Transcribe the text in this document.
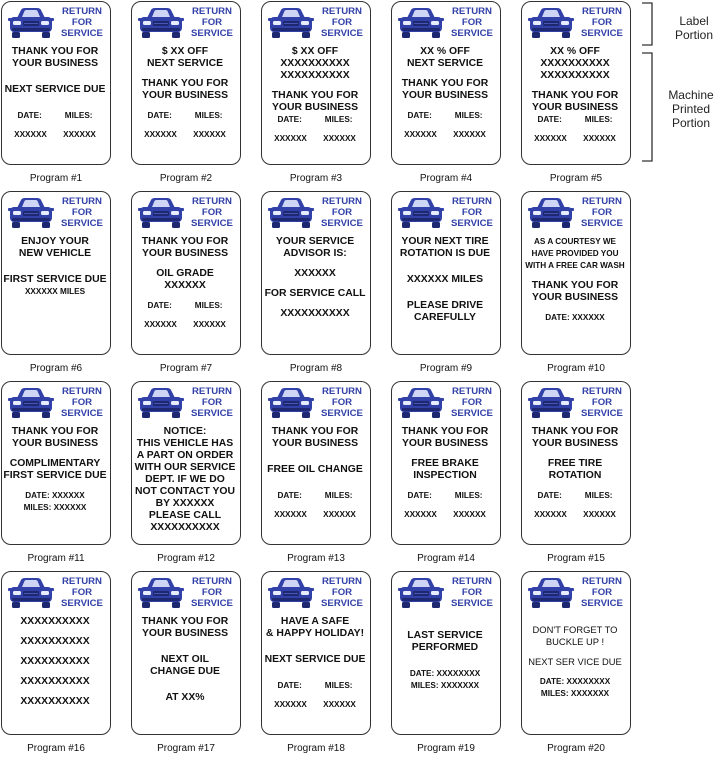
RETURN
FOR
SERVICE
THANK YOU FOR
YOUR BUSINESS
NEXT SERVICE DUE
DATE:	MILES:
XXXXXX XXXXXX
Program #1
RETURN
FOR
SERVICE
$ XX OFF
NEXT SERVICE
THANK YOU FOR
YOUR BUSINESS
DATE:	MILES:
XXXXXX XXXXXX
Program #2
RETURN
FOR
SERVICE
$ XX OFF
XXXXXXXXXX
XXXXXXXXXX
THANK YOU FOR
YOUR BUSINESS
DATE:	MILES:
XXXXXX XXXXXX
Program #3
RETURN
FOR
SERVICE
XX % OFF
NEXT SERVICE
THANK YOU FOR
YOUR BUSINESS
DATE:	MILES:
XXXXXX XXXXXX
Program #4
RETURN
FOR
SERVICE
XX % OFF
XXXXXXXXXX
XXXXXXXXXX
THANK YOU FOR
YOUR BUSINESS
DATE:	MILES:
XXXXXX XXXXXX
Program #5
RETURN
FOR
SERVICE
ENJOY YOUR
NEW VEHICLE
FIRST SERVICE DUE
XXXXXX MILES
Program #6
RETURN
FOR
SERVICE
THANK YOU FOR
YOUR BUSINESS
OIL GRADE
XXXXXX
DATE:	MILES:
XXXXXX XXXXXX
Program #7
RETURN
FOR
SERVICE
YOUR SERVICE
ADVISOR IS:
XXXXXX
FOR SERVICE CALL
XXXXXXXXXX
Program #8
RETURN
FOR
SERVICE
YOUR NEXT TIRE
ROTATION IS DUE
XXXXXX MILES
PLEASE DRIVE
CAREFULLY
Program #9
RETURN
FOR
SERVICE
AS A COURTESY WE
HAVE PROVIDED YOU
WITH A FREE CAR WASH
THANK YOU FOR
YOUR BUSINESS
DATE: XXXXXX
Program #10
RETURN
FOR
SERVICE
THANK YOU FOR
YOUR BUSINESS
COMPLIMENTARY
FIRST SERVICE DUE
DATE: XXXXXX
MILES: XXXXXX
Program #11
RETURN
FOR
SERVICE
NOTICE:
THIS VEHICLE HAS
A PART ON ORDER
WITH OUR SERVICE
DEPT. IF WE DO
NOT CONTACT YOU
BY XXXXXX
PLEASE CALL
XXXXXXXXXX
Program #12
RETURN
FOR
SERVICE
THANK YOU FOR
YOUR BUSINESS
FREE OIL CHANGE
DATE:	MILES:
XXXXXX XXXXXX
Program #13
RETURN
FOR
SERVICE
THANK YOU FOR
YOUR BUSINESS
FREE BRAKE
INSPECTION
DATE:	MILES:
XXXXXX XXXXXX
Program #14
RETURN
FOR
SERVICE
THANK YOU FOR
YOUR BUSINESS
FREE TIRE
ROTATION
DATE:	MILES:
XXXXXX XXXXXX
Program #15
RETURN
FOR
SERVICE
XXXXXXXXXX
XXXXXXXXXX
XXXXXXXXXX
XXXXXXXXXX
XXXXXXXXXX
Program #16
RETURN
FOR
SERVICE
THANK YOU FOR
YOUR BUSINESS
NEXT OIL
CHANGE DUE
AT XX%
Program #17
RETURN
FOR
SERVICE
HAVE A SAFE
& HAPPY HOLIDAY!
NEXT SERVICE DUE
DATE:	MILES:
XXXXXX XXXXXX
Program #18
RETURN
FOR
SERVICE
LAST SERVICE
PERFORMED
DATE: XXXXXXXX
MILES: XXXXXXX
Program #19
RETURN
FOR
SERVICE
DON'T FORGET TO
BUCKLE UP !
NEXT SER VICE DUE
DATE: XXXXXXXX
MILES: XXXXXXX
Program #20
Label
Portion
Machine
Printed
Portion
